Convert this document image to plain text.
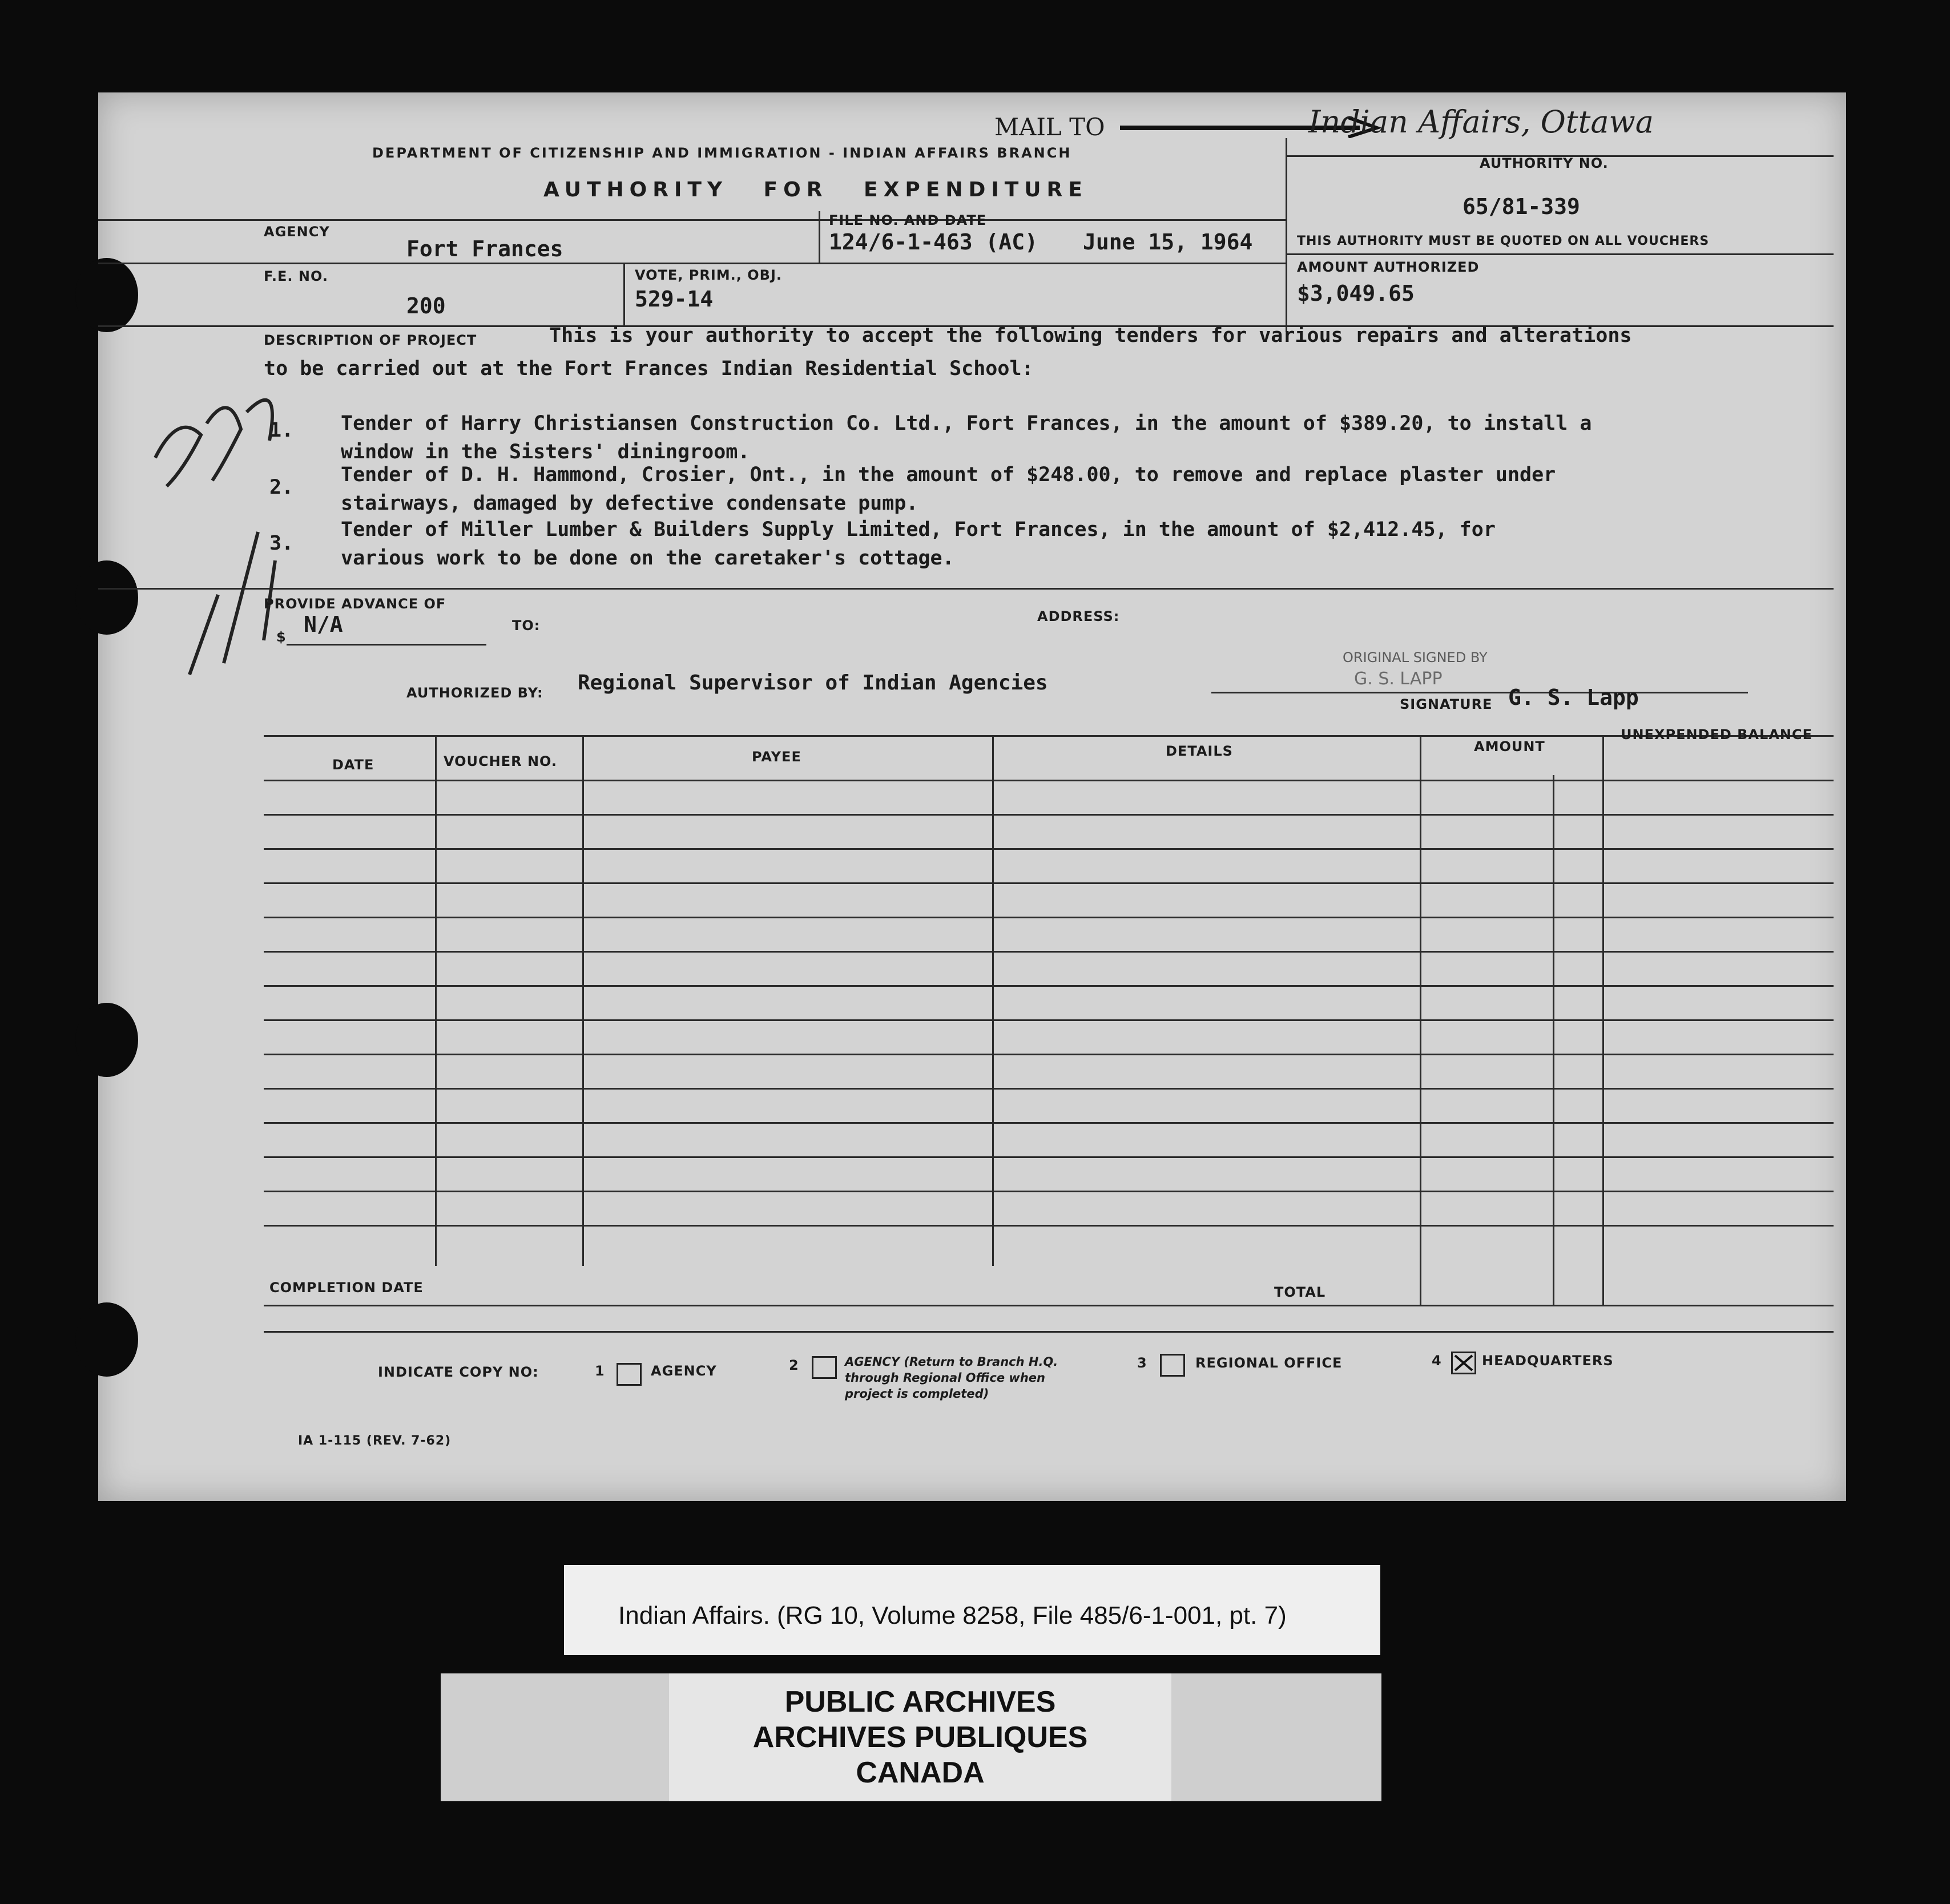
MAIL TO	Indian Affairs, Ottawa
DEPARTMENT OF CITIZENSHIP AND IMMIGRATION - INDIAN AFFAIRS BRANCH
AUTHORITY FOR EXPENDITURE
AUTHORITY NO.
65/81-339
THIS AUTHORITY MUST BE QUOTED ON ALL VOUCHERS
AMOUNT AUTHORIZED
$3,049.65
AGENCY
Fort Frances
FILE NO. AND DATE
124/6-1-463 (AC) June 15, 1964
F.E. NO.
200
VOTE, PRIM., OBJ.
529-14
DESCRIPTION OF PROJECT	This is your authority to accept the following tenders for various repairs and alterations
to be carried out at the Fort Frances Indian Residential School:
1. Tender of Harry Christiansen Construction Co. Ltd., Fort Frances, in the amount of $389.20, to install a
window in the Sisters' diningroom.
2.
Tender of D. H. Hammond, Crosier, Ont., in the amount of $248.00, to remove and replace plaster under
stairways, damaged by defective condensate pump.
3.
Tender of Miller Lumber & Builders Supply Limited, Fort Frances, in the amount of $2,412.45, for
various work to be done on the caretaker's cottage.
PROVIDE ADVANCE OF
$ N/A	TO:
ADDRESS:
AUTHORIZED BY: Regional Supervisor of Indian Agencies
ORIGINAL SIGNED BY
G. S. LAPP
SIGNATURE G. S. Lapp
DATE	VOUCHER NO.	PAYEE	DETAILS	AMOUNT
UNEXPENDED BALANCE
COMPLETION DATE	TOTAL
INDICATE COPY NO:	1	AGENCY	2	AGENCY (Return to Branch H.Q. through Regional Office when project is completed)
3	REGIONAL OFFICE	4	HEADQUARTERS
IA 1-115 (REV. 7-62)
Indian Affairs. (RG 10, Volume 8258, File 485/6-1-001, pt. 7)
PUBLIC ARCHIVES
ARCHIVES PUBLIQUES
CANADA
